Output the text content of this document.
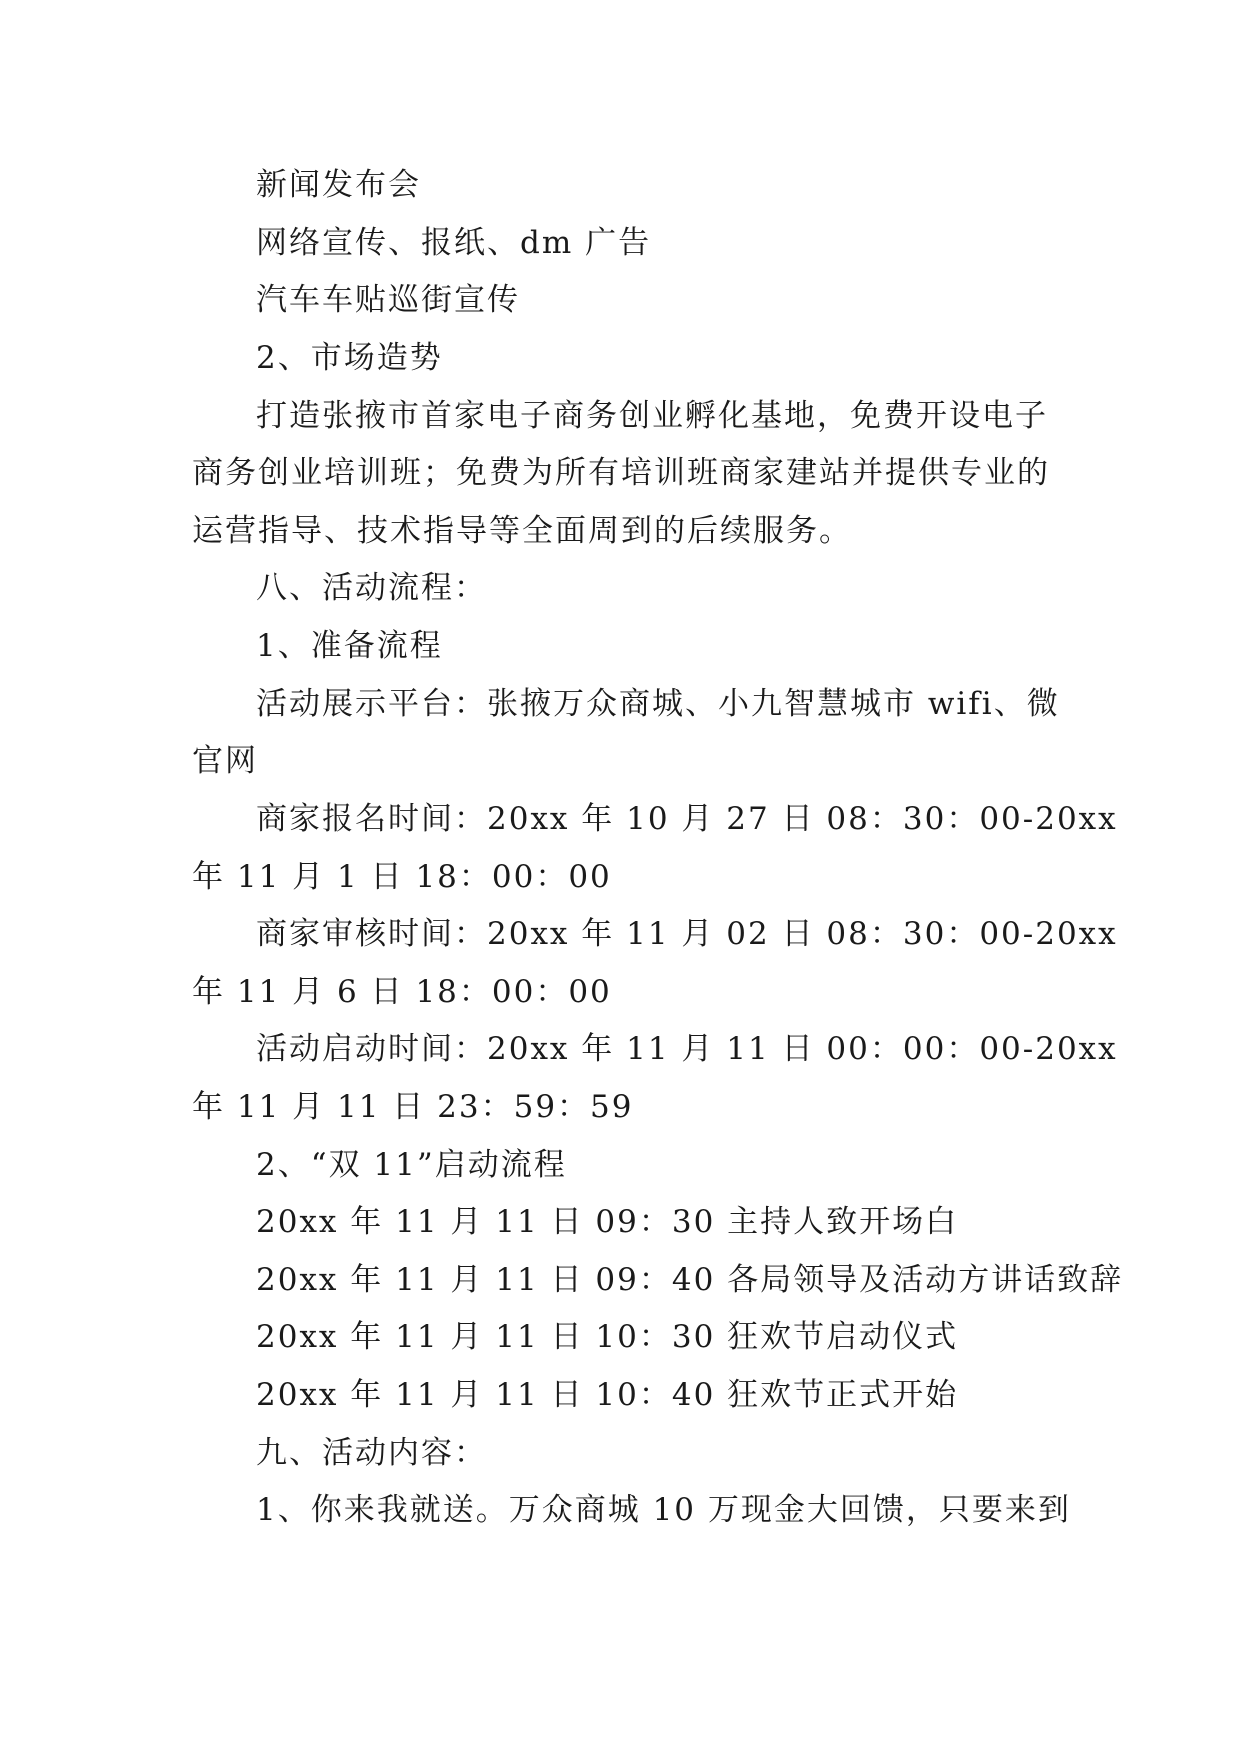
新闻发布会
网络宣传、报纸、dm 广告
汽车车贴巡街宣传
2、市场造势
打造张掖市首家电子商务创业孵化基地，免费开设电子
商务创业培训班；免费为所有培训班商家建站并提供专业的
运营指导、技术指导等全面周到的后续服务。
八、活动流程：
1、准备流程
活动展示平台：张掖万众商城、小九智慧城市 wifi、微
官网
商家报名时间：20xx 年 10 月 27 日 08：30：00-20xx
年 11 月 1 日 18：00：00
商家审核时间：20xx 年 11 月 02 日 08：30：00-20xx
年 11 月 6 日 18：00：00
活动启动时间：20xx 年 11 月 11 日 00：00：00-20xx
年 11 月 11 日 23：59：59
2、“双 11”启动流程
20xx 年 11 月 11 日 09：30 主持人致开场白
20xx 年 11 月 11 日 09：40 各局领导及活动方讲话致辞
20xx 年 11 月 11 日 10：30 狂欢节启动仪式
20xx 年 11 月 11 日 10：40 狂欢节正式开始
九、活动内容：
1、你来我就送。万众商城 10 万现金大回馈，只要来到
